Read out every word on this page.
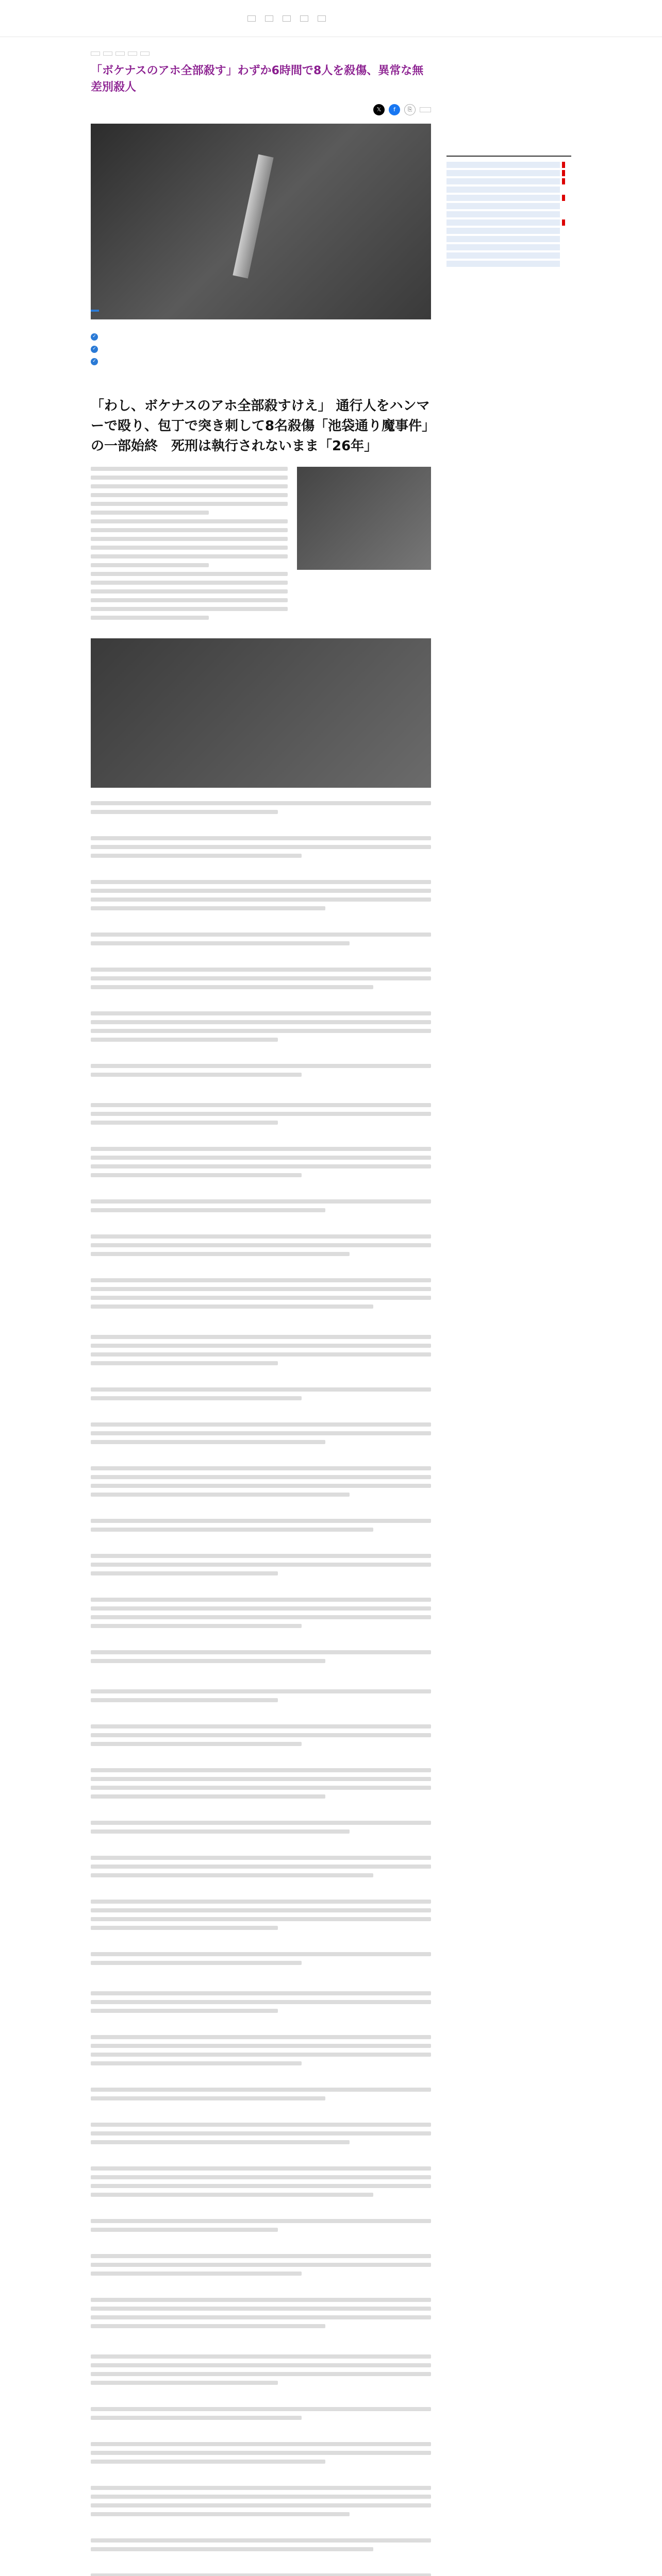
「ボケナスのアホ全部殺す」わずか6時間で8人を殺傷、異常な無差別殺人
𝕏	f	⎘
✓
✓
✓
「わし、ボケナスのアホ全部殺すけえ」 通行人をハンマーで殴り、包丁で突き刺して8名殺傷「池袋通り魔事件」の一部始終　死刑は執行されないまま「26年」
